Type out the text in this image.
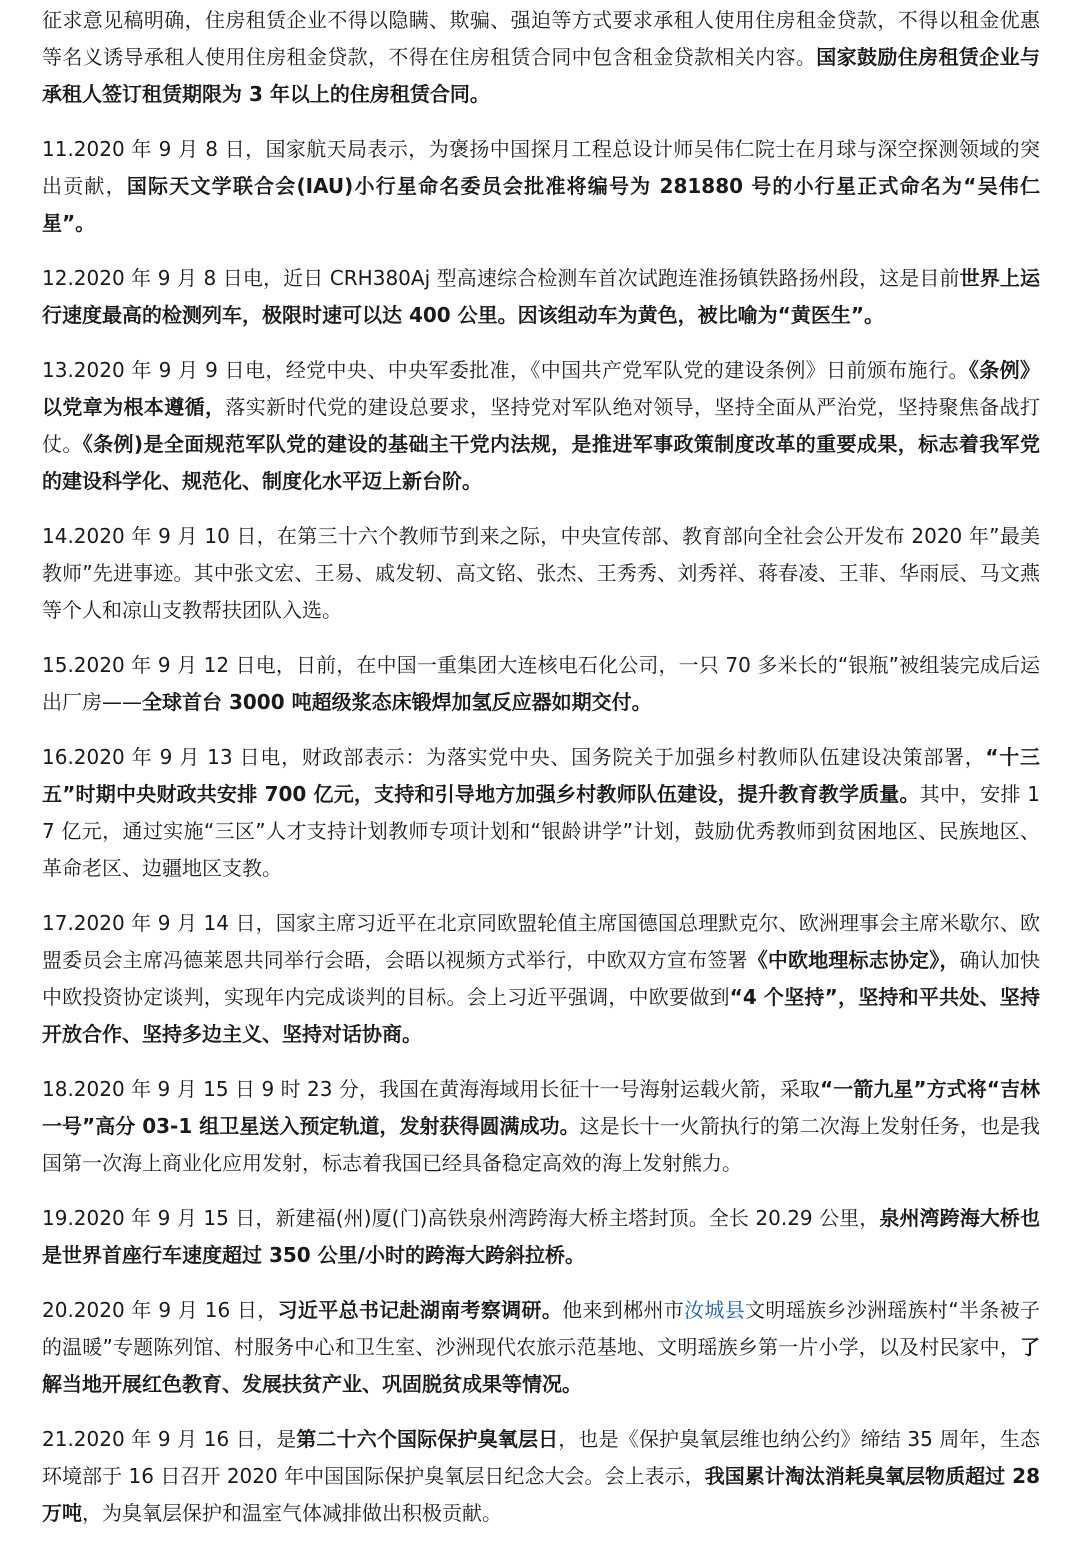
征求意见稿明确，住房租赁企业不得以隐瞒、欺骗、强迫等方式要求承租人使用住房租金贷款，不得以租金优惠等名义诱导承租人使用住房租金贷款，不得在住房租赁合同中包含租金贷款相关内容。国家鼓励住房租赁企业与承租人签订租赁期限为 3 年以上的住房租赁合同。

11.2020 年 9 月 8 日，国家航天局表示，为褒扬中国探月工程总设计师吴伟仁院士在月球与深空探测领域的突出贡献，国际天文学联合会(IAU)小行星命名委员会批准将编号为 281880 号的小行星正式命名为“吴伟仁星”。

12.2020 年 9 月 8 日电，近日 CRH380Aj 型高速综合检测车首次试跑连淮扬镇铁路扬州段，这是目前世界上运行速度最高的检测列车，极限时速可以达 400 公里。因该组动车为黄色，被比喻为“黄医生”。

13.2020 年 9 月 9 日电，经党中央、中央军委批准，《中国共产党军队党的建设条例》日前颁布施行。《条例》以党章为根本遵循，落实新时代党的建设总要求，坚持党对军队绝对领导，坚持全面从严治党，坚持聚焦备战打仗。《条例)是全面规范军队党的建设的基础主干党内法规，是推进军事政策制度改革的重要成果，标志着我军党的建设科学化、规范化、制度化水平迈上新台阶。

14.2020 年 9 月 10 日，在第三十六个教师节到来之际，中央宣传部、教育部向全社会公开发布 2020 年”最美教师”先进事迹。其中张文宏、王易、戚发轫、高文铭、张杰、王秀秀、刘秀祥、蒋春凌、王菲、华雨辰、马文燕等个人和凉山支教帮扶团队入选。

15.2020 年 9 月 12 日电，日前，在中国一重集团大连核电石化公司，一只 70 多米长的“银瓶”被组装完成后运出厂房——全球首台 3000 吨超级浆态床锻焊加氢反应器如期交付。

16.2020 年 9 月 13 日电，财政部表示：为落实党中央、国务院关于加强乡村教师队伍建设决策部署，“十三五”时期中央财政共安排 700 亿元，支持和引导地方加强乡村教师队伍建设，提升教育教学质量。其中，安排 17 亿元，通过实施“三区”人才支持计划教师专项计划和“银龄讲学”计划，鼓励优秀教师到贫困地区、民族地区、革命老区、边疆地区支教。

17.2020 年 9 月 14 日，国家主席习近平在北京同欧盟轮值主席国德国总理默克尔、欧洲理事会主席米歇尔、欧盟委员会主席冯德莱恩共同举行会晤，会晤以视频方式举行，中欧双方宣布签署《中欧地理标志协定》，确认加快中欧投资协定谈判，实现年内完成谈判的目标。会上习近平强调，中欧要做到“4 个坚持”，坚持和平共处、坚持开放合作、坚持多边主义、坚持对话协商。

18.2020 年 9 月 15 日 9 时 23 分，我国在黄海海域用长征十一号海射运载火箭，采取“一箭九星”方式将“吉林一号”高分 03-1 组卫星送入预定轨道，发射获得圆满成功。这是长十一火箭执行的第二次海上发射任务，也是我国第一次海上商业化应用发射，标志着我国已经具备稳定高效的海上发射熊力。

19.2020 年 9 月 15 日，新建福(州)厦(门)高铁泉州湾跨海大桥主塔封顶。全长 20.29 公里，泉州湾跨海大桥也是世界首座行车速度超过 350 公里/小时的跨海大跨斜拉桥。

20.2020 年 9 月 16 日，习近平总书记赴湖南考察调研。他来到郴州市汝城县文明瑶族乡沙洲瑶族村“半条被子的温暖”专题陈列馆、村服务中心和卫生室、沙洲现代农旅示范基地、文明瑶族乡第一片小学，以及村民家中，了解当地开展红色教育、发展扶贫产业、巩固脱贫成果等情况。

21.2020 年 9 月 16 日，是第二十六个国际保护臭氧层日，也是《保护臭氧层维也纳公约》缔结 35 周年，生态环境部于 16 日召开 2020 年中国国际保护臭氧层日纪念大会。会上表示，我国累计淘汰消耗臭氧层物质超过 28 万吨，为臭氧层保护和温室气体减排做出积极贡献。
